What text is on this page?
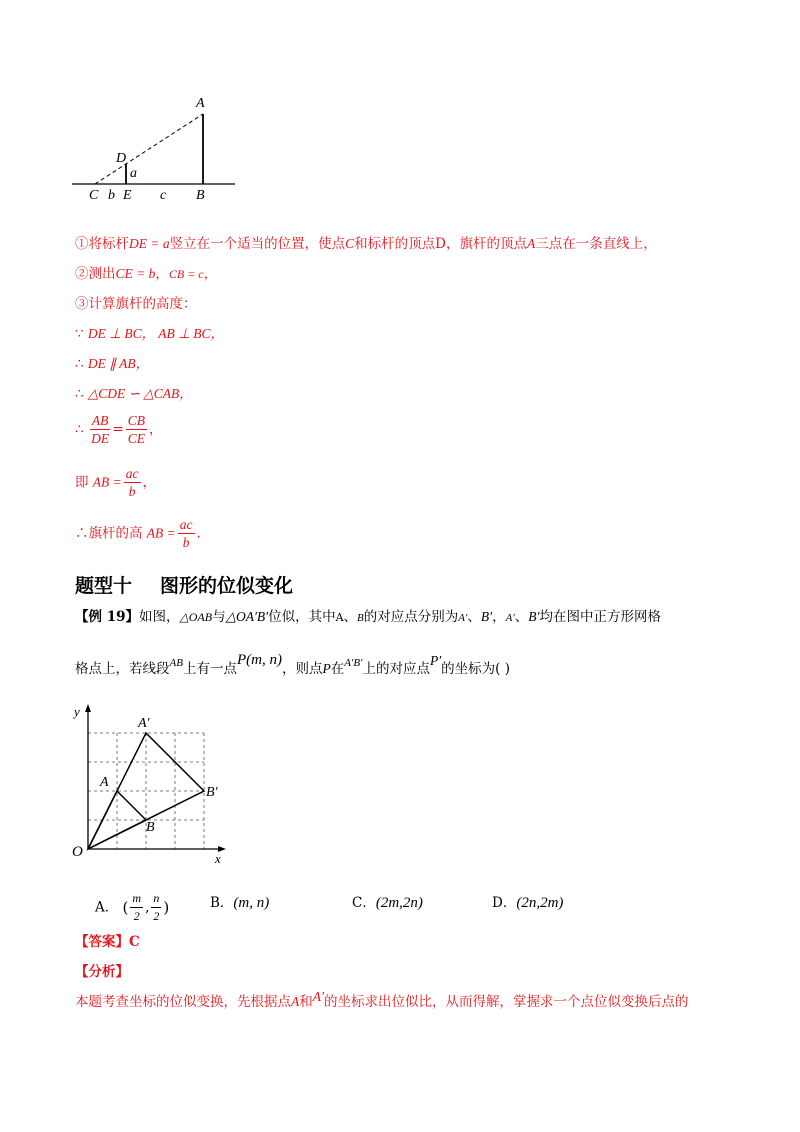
A
D
a
C b E c B
①将标杆DE = a竖立在一个适当的位置，使点C和标杆的顶点D，旗杆的顶点A三点在一条直线上，
②测出CE = b，CB = c，
③计算旗杆的高度：
∵ DE ⊥ BC， AB ⊥ BC，
∴ DE ∥ AB，
∴ △CDE ∽ △CAB，
∴ $\frac{AB}{DE} = \frac{CB}{CE}$ ，
即 AB = $\frac{ac}{b}$ ，
∴旗杆的高 AB = $\frac{ac}{b}$ .
题型十 图形的位似变化
【例 19】如图，△OAB与△OA′B′位似，其中A、B的对应点分别为A′、B′，A′、B′均在图中正方形网格
格点上，若线段$^{AB}$上有一点P(m, n)，则点P在$^{A'B'}$上的对应点P′的坐标为( )
y
x
O
A
B
A′
B′
A． ( $\frac{m}{2}$ , $\frac{n}{2}$ )	B．(m, n)	C．(2m,2n)	D．(2n,2m)
【答案】C
【分析】
本题考查坐标的位似变换，先根据点A和A′的坐标求出位似比，从而得解，掌握求一个点位似变换后点的
